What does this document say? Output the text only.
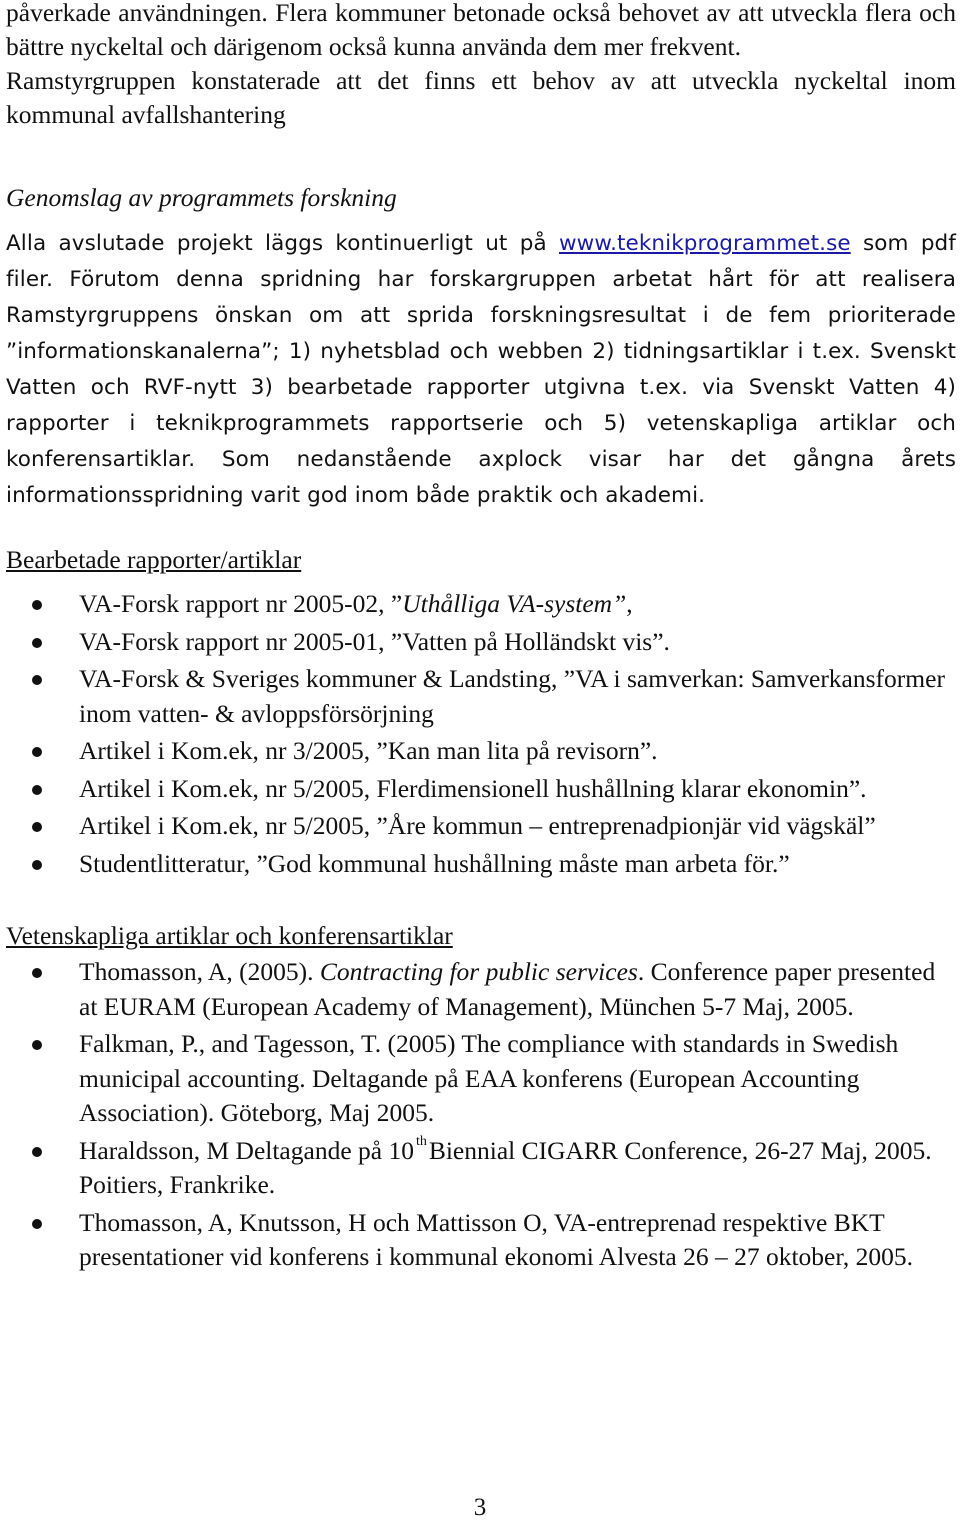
påverkade användningen. Flera kommuner betonade också behovet av att utveckla flera och bättre nyckeltal och därigenom också kunna använda dem mer frekvent.

Ramstyrgruppen konstaterade att det finns ett behov av att utveckla nyckeltal inom kommunal avfallshantering

Genomslag av programmets forskning

Alla avslutade projekt läggs kontinuerligt ut på www.teknikprogrammet.se som pdf filer. Förutom denna spridning har forskargruppen arbetat hårt för att realisera Ramstyrgruppens önskan om att sprida forskningsresultat i de fem prioriterade ”informationskanalerna”; 1) nyhetsblad och webben 2) tidningsartiklar i t.ex. Svenskt Vatten och RVF-nytt 3) bearbetade rapporter utgivna t.ex. via Svenskt Vatten 4) rapporter i teknikprogrammets rapportserie och 5) vetenskapliga artiklar och konferensartiklar. Som nedanstående axplock visar har det gångna årets informationsspridning varit god inom både praktik och akademi.

Bearbetade rapporter/artiklar

VA-Forsk rapport nr 2005-02, ”Uthålliga VA-system”,
VA-Forsk rapport nr 2005-01, ”Vatten på Holländskt vis”.
VA-Forsk & Sveriges kommuner & Landsting, ”VA i samverkan: Samverkansformer inom vatten- & avloppsförsörjning
Artikel i Kom.ek, nr 3/2005, ”Kan man lita på revisorn”.
Artikel i Kom.ek, nr 5/2005, Flerdimensionell hushållning klarar ekonomin”.
Artikel i Kom.ek, nr 5/2005, ”Åre kommun – entreprenadpionjär vid vägskäl”
Studentlitteratur, ”God kommunal hushållning måste man arbeta för.”

Vetenskapliga artiklar och konferensartiklar

Thomasson, A, (2005). Contracting for public services. Conference paper presented at EURAM (European Academy of Management), München 5-7 Maj, 2005.
Falkman, P., and Tagesson, T. (2005) The compliance with standards in Swedish municipal accounting. Deltagande på EAA konferens (European Accounting Association). Göteborg, Maj 2005.
Haraldsson, M Deltagande på 10 $^{th}$Biennial CIGARR Conference, 26-27 Maj, 2005. Poitiers, Frankrike.
Thomasson, A, Knutsson, H och Mattisson O, VA-entreprenad respektive BKT presentationer vid konferens i kommunal ekonomi Alvesta 26 – 27 oktober, 2005.
3
